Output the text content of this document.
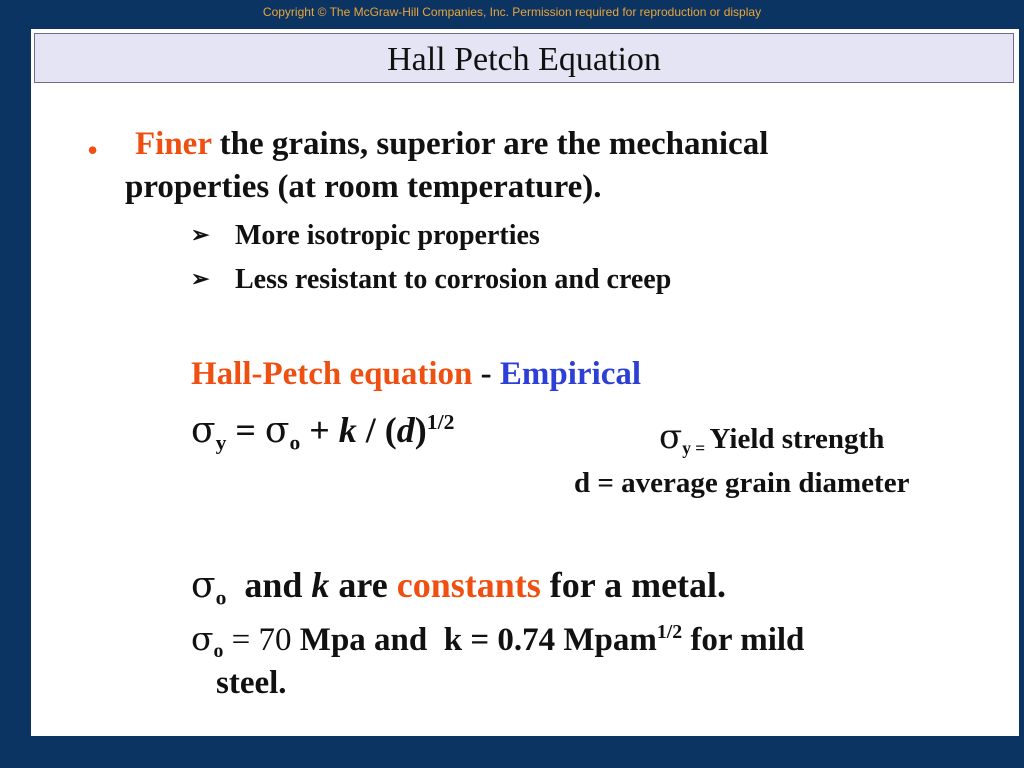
Copyright © The McGraw-Hill Companies, Inc. Permission required for reproduction or display
Hall Petch Equation
• Finer the grains, superior are the mechanical
properties (at room temperature).
➢ More isotropic properties
➢ Less resistant to corrosion and creep
Hall-Petch equation - Empirical
$\sigma_y = \sigma_o + k / (d)^{1/2}$	$\sigma_{y =}$ Yield strength
d = average grain diameter
$\sigma_o$  and k are constants for a metal.
$\sigma_o = 70$ Mpa and  k = 0.74 Mpam$^{1/2}$ for mild
steel.
